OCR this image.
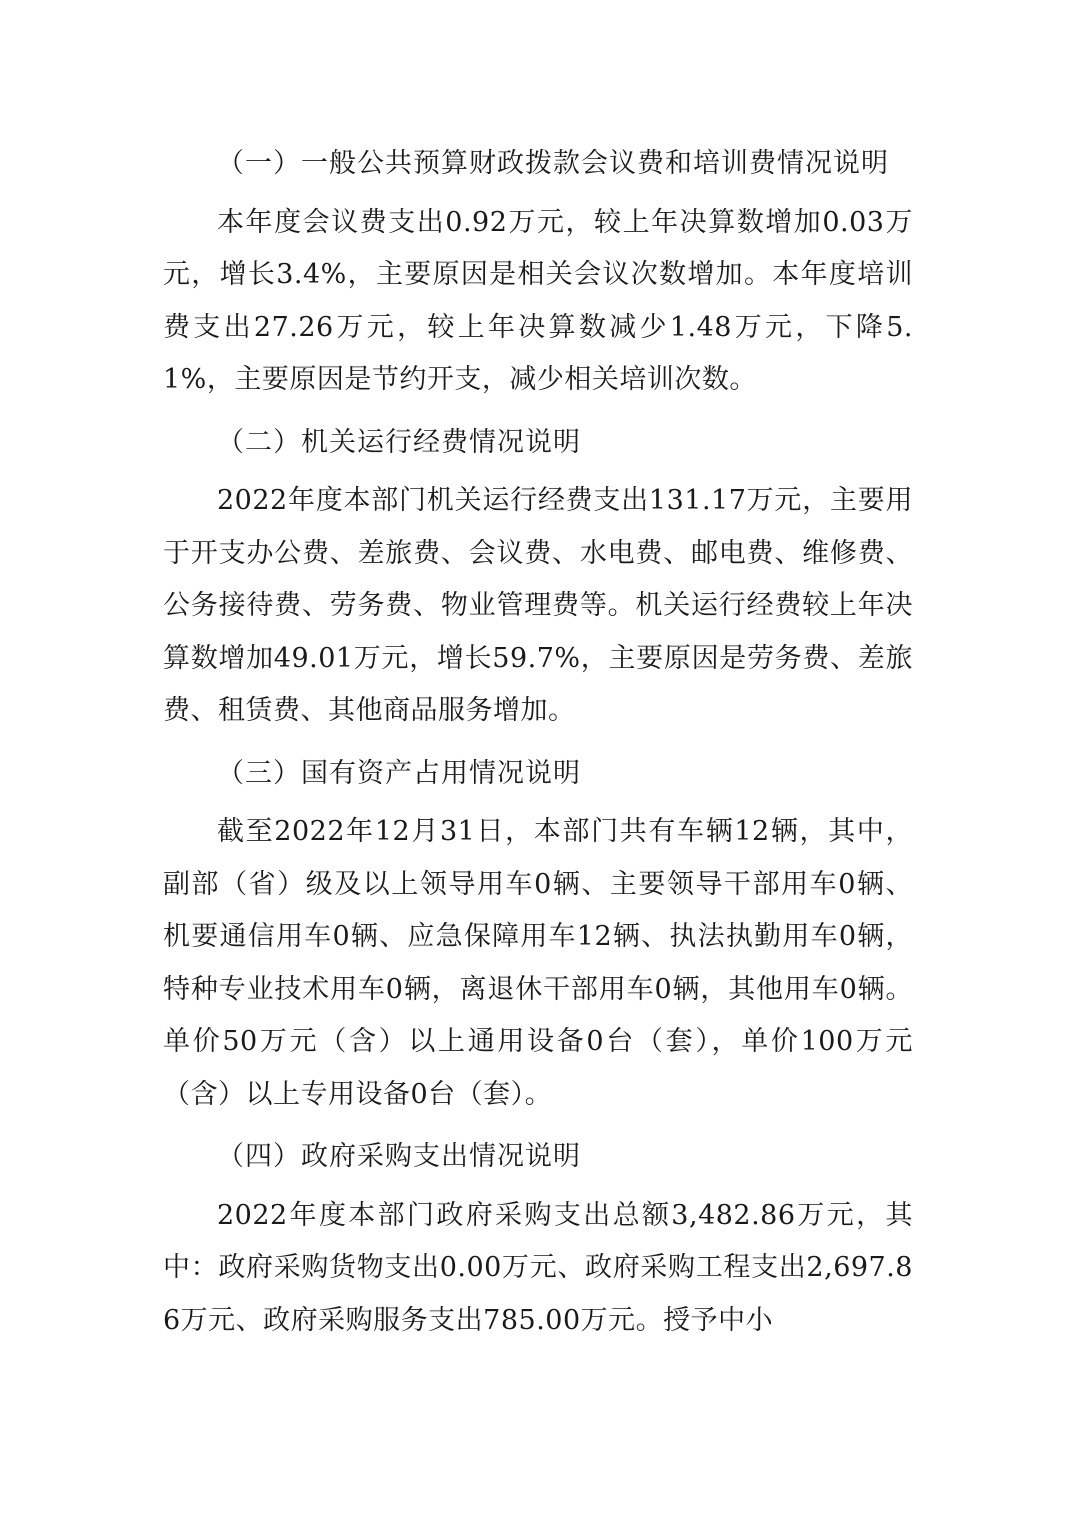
（一）一般公共预算财政拨款会议费和培训费情况说明

本年度会议费支出0.92万元，较上年决算数增加0.03万元，增长3.4%，主要原因是相关会议次数增加。本年度培训费支出27.26万元，较上年决算数减少1.48万元，下降5.1%，主要原因是节约开支，减少相关培训次数。

（二）机关运行经费情况说明

2022年度本部门机关运行经费支出131.17万元，主要用于开支办公费、差旅费、会议费、水电费、邮电费、维修费、公务接待费、劳务费、物业管理费等。机关运行经费较上年决算数增加49.01万元，增长59.7%，主要原因是劳务费、差旅费、租赁费、其他商品服务增加。

（三）国有资产占用情况说明

截至2022年12月31日，本部门共有车辆12辆，其中，副部（省）级及以上领导用车0辆、主要领导干部用车0辆、机要通信用车0辆、应急保障用车12辆、执法执勤用车0辆，特种专业技术用车0辆，离退休干部用车0辆，其他用车0辆。单价50万元（含）以上通用设备0台（套），单价100万元（含）以上专用设备0台（套）。

（四）政府采购支出情况说明

2022年度本部门政府采购支出总额3,482.86万元，其中：政府采购货物支出0.00万元、政府采购工程支出2,697.86万元、政府采购服务支出785.00万元。授予中小
